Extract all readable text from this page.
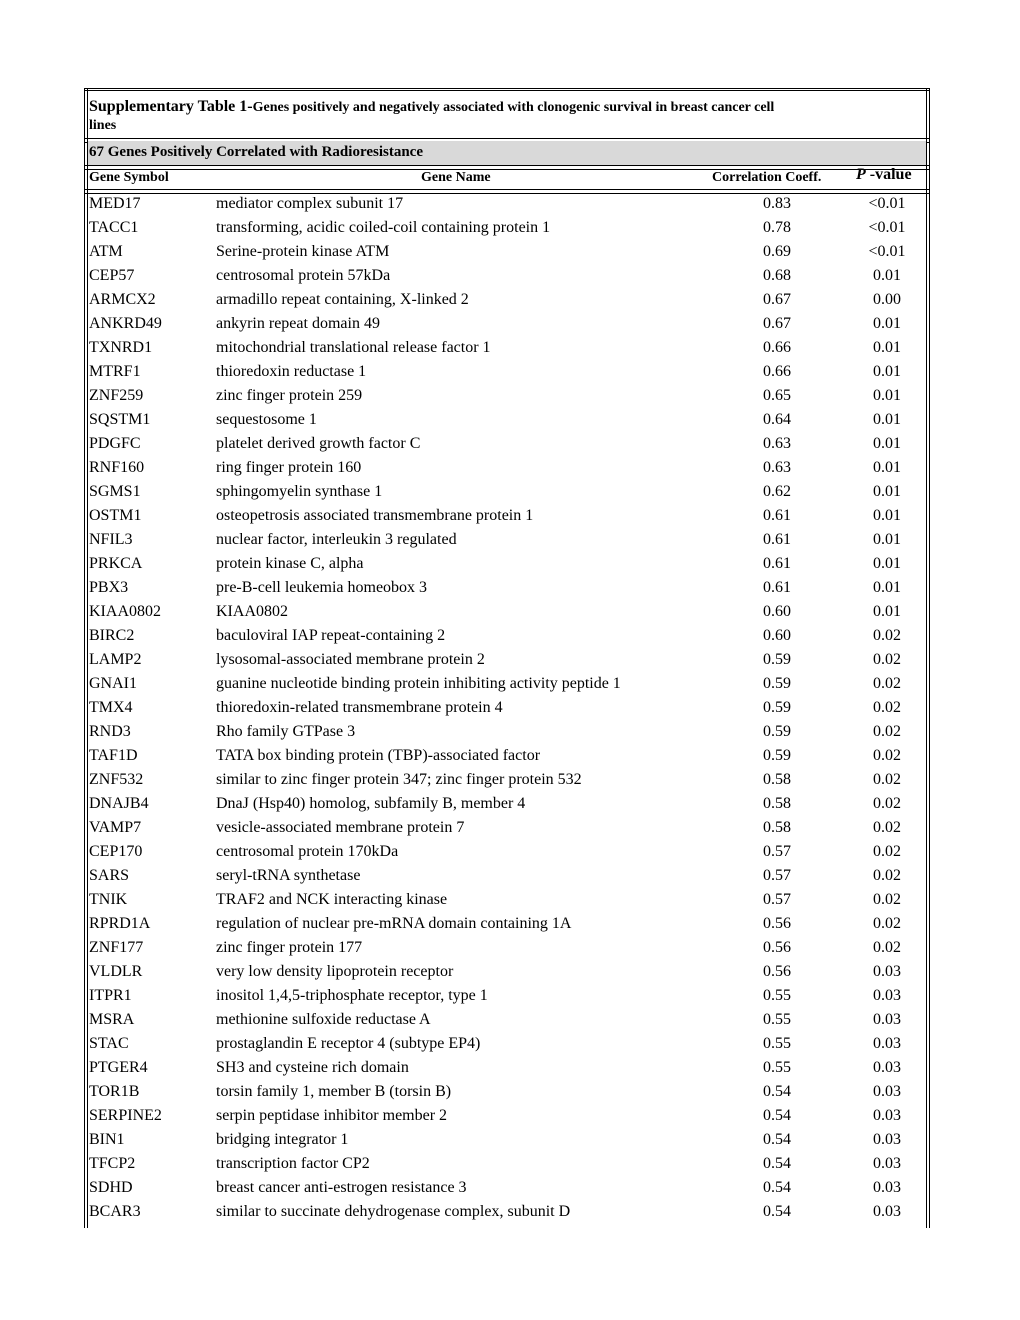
Supplementary Table 1-Genes positively and negatively associated with clonogenic survival in breast cancer cell
lines
67 Genes Positively Correlated with Radioresistance
Gene Symbol	Gene Name	Correlation Coeff. P -value
MED17	mediator complex subunit 17	0.83	<0.01
TACC1	transforming, acidic coiled-coil containing protein 1	0.78	<0.01
ATM	Serine-protein kinase ATM	0.69	<0.01
CEP57	centrosomal protein 57kDa	0.68	0.01
ARMCX2	armadillo repeat containing, X-linked 2	0.67	0.00
ANKRD49	ankyrin repeat domain 49	0.67	0.01
TXNRD1	mitochondrial translational release factor 1	0.66	0.01
MTRF1	thioredoxin reductase 1	0.66	0.01
ZNF259	zinc finger protein 259	0.65	0.01
SQSTM1	sequestosome 1	0.64	0.01
PDGFC	platelet derived growth factor C	0.63	0.01
RNF160	ring finger protein 160	0.63	0.01
SGMS1	sphingomyelin synthase 1	0.62	0.01
OSTM1	osteopetrosis associated transmembrane protein 1	0.61	0.01
NFIL3	nuclear factor, interleukin 3 regulated	0.61	0.01
PRKCA	protein kinase C, alpha	0.61	0.01
PBX3	pre-B-cell leukemia homeobox 3	0.61	0.01
KIAA0802	KIAA0802	0.60	0.01
BIRC2	baculoviral IAP repeat-containing 2	0.60	0.02
LAMP2	lysosomal-associated membrane protein 2	0.59	0.02
GNAI1	guanine nucleotide binding protein inhibiting activity peptide 1	0.59	0.02
TMX4	thioredoxin-related transmembrane protein 4	0.59	0.02
RND3	Rho family GTPase 3	0.59	0.02
TAF1D	TATA box binding protein (TBP)-associated factor	0.59	0.02
ZNF532	similar to zinc finger protein 347; zinc finger protein 532	0.58	0.02
DNAJB4	DnaJ (Hsp40) homolog, subfamily B, member 4	0.58	0.02
VAMP7	vesicle-associated membrane protein 7	0.58	0.02
CEP170	centrosomal protein 170kDa	0.57	0.02
SARS	seryl-tRNA synthetase	0.57	0.02
TNIK	TRAF2 and NCK interacting kinase	0.57	0.02
RPRD1A	regulation of nuclear pre-mRNA domain containing 1A	0.56	0.02
ZNF177	zinc finger protein 177	0.56	0.02
VLDLR	very low density lipoprotein receptor	0.56	0.03
ITPR1	inositol 1,4,5-triphosphate receptor, type 1	0.55	0.03
MSRA	methionine sulfoxide reductase A	0.55	0.03
STAC	prostaglandin E receptor 4 (subtype EP4)	0.55	0.03
PTGER4	SH3 and cysteine rich domain	0.55	0.03
TOR1B	torsin family 1, member B (torsin B)	0.54	0.03
SERPINE2	serpin peptidase inhibitor member 2	0.54	0.03
BIN1	bridging integrator 1	0.54	0.03
TFCP2	transcription factor CP2	0.54	0.03
SDHD	breast cancer anti-estrogen resistance 3	0.54	0.03
BCAR3	similar to succinate dehydrogenase complex, subunit D	0.54	0.03
